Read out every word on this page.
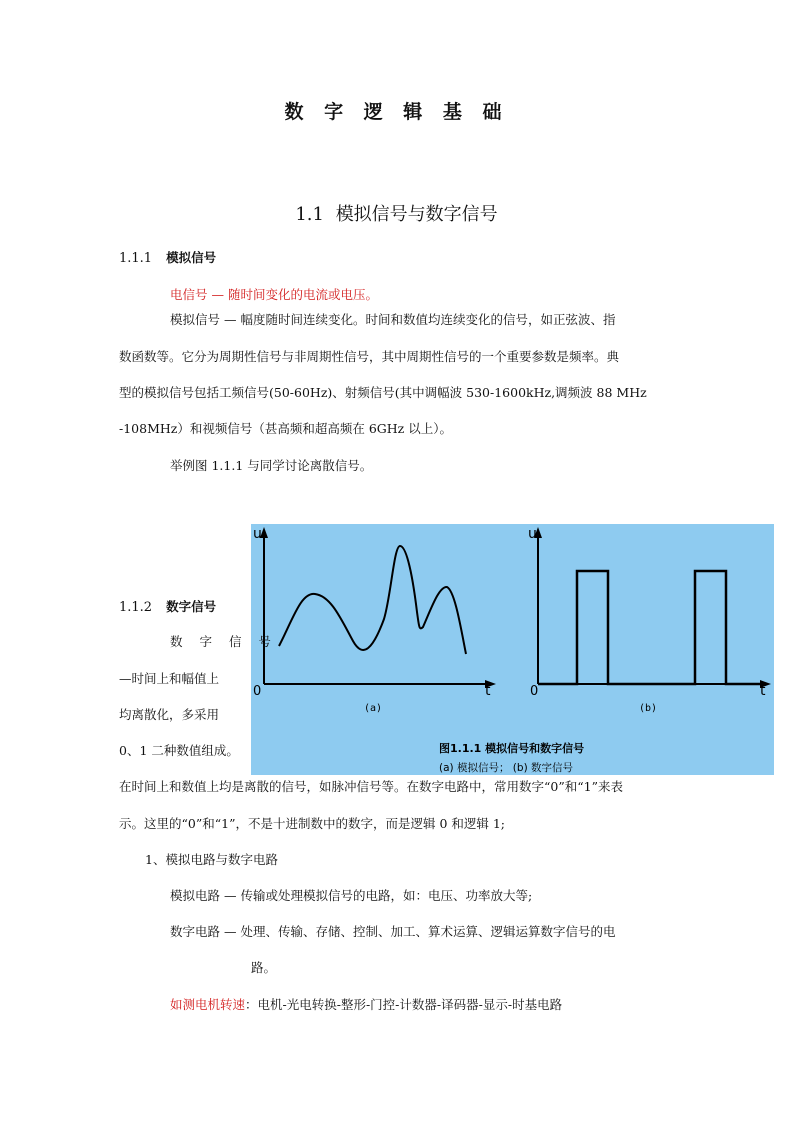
数 字 逻 辑 基 础
1.1 模拟信号与数字信号
1.1.1 模拟信号
电信号 — 随时间变化的电流或电压。
模拟信号 — 幅度随时间连续变化。时间和数值均连续变化的信号，如正弦波、指
数函数等。它分为周期性信号与非周期性信号，其中周期性信号的一个重要参数是频率。典
型的模拟信号包括工频信号(50-60Hz)、射频信号(其中调幅波 530-1600kHz,调频波 88 MHz
-108MHz）和视频信号（甚高频和超高频在 6GHz 以上）。
举例图 1.1.1 与同学讨论离散信号。
u
0	t
u
0	t
(a)	(b)
图1.1.1 模拟信号和数字信号
(a) 模拟信号； (b) 数字信号
1.1.2 数字信号
数 字 信 号
—时间上和幅值上
均离散化，多采用
0、1 二种数值组成。
在时间上和数值上均是离散的信号，如脉冲信号等。在数字电路中，常用数字“0”和“1”来表
示。这里的“0”和“1”，不是十进制数中的数字，而是逻辑 0 和逻辑 1;
1、模拟电路与数字电路
模拟电路 — 传输或处理模拟信号的电路，如：电压、功率放大等;
数字电路 — 处理、传输、存储、控制、加工、算术运算、逻辑运算数字信号的电
路。
如测电机转速：电机-光电转换-整形-门控-计数器-译码器-显示-时基电路
